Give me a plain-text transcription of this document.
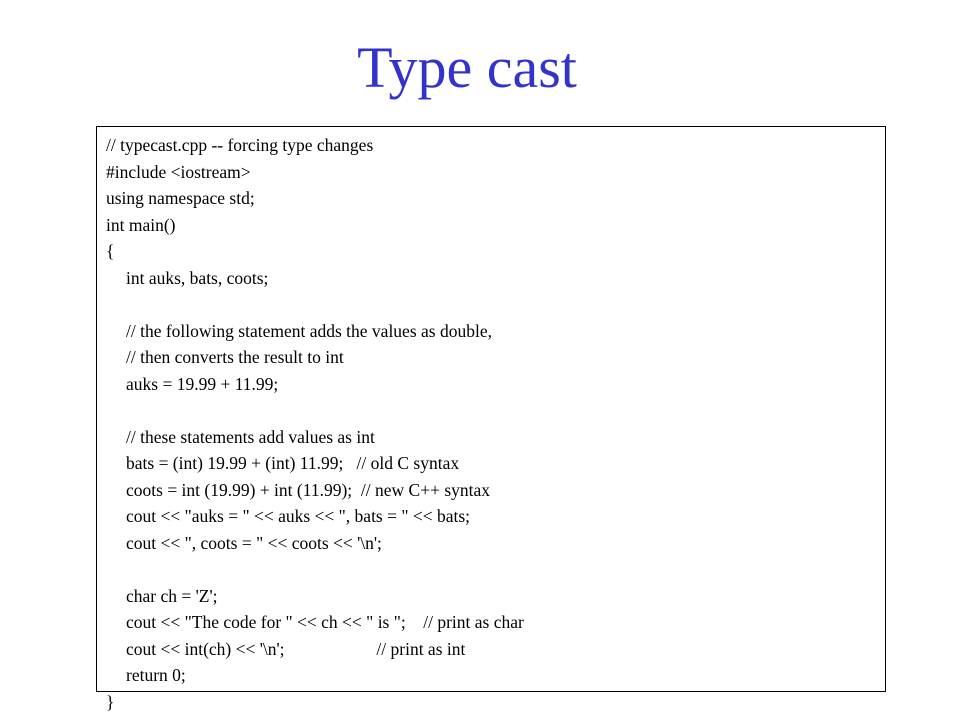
Type cast
// typecast.cpp -- forcing type changes
#include <iostream>
using namespace std;
int main()
{
int auks, bats, coots;
// the following statement adds the values as double,
// then converts the result to int
auks = 19.99 + 11.99;
// these statements add values as int
bats = (int) 19.99 + (int) 11.99;   // old C syntax
coots = int (19.99) + int (11.99);  // new C++ syntax
cout << "auks = " << auks << ", bats = " << bats;
cout << ", coots = " << coots << '\n';
char ch = 'Z';
cout << "The code for " << ch << " is ";    // print as char
cout << int(ch) << '\n';                     // print as int
return 0;
}
